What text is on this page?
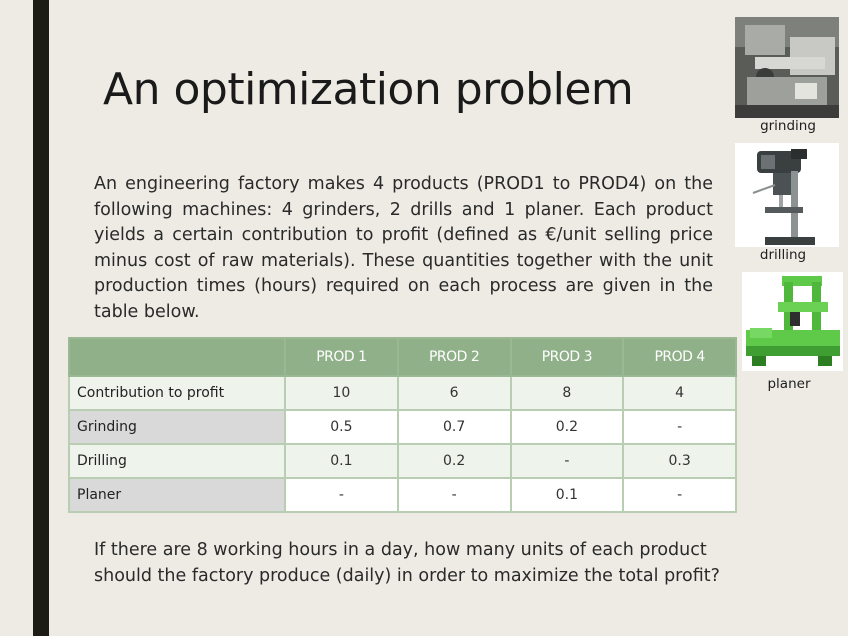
An optimization problem

An engineering factory makes 4 products (PROD1 to PROD4) on the following machines: 4 grinders, 2 drills and 1 planer. Each product yields a certain contribution to profit (defined as €/unit selling price minus cost of raw materials). These quantities together with the unit production times (hours) required on each process are given in the table below.

	PROD 1	PROD 2	PROD 3	PROD 4
Contribution to profit	10	6	8	4
Grinding	0.5	0.7	0.2	-
Drilling	0.1	0.2	-	0.3
Planer	-	-	0.1	-

If there are 8 working hours in a day, how many units of each product should the factory produce (daily) in order to maximize the total profit?

grinding
drilling
planer
